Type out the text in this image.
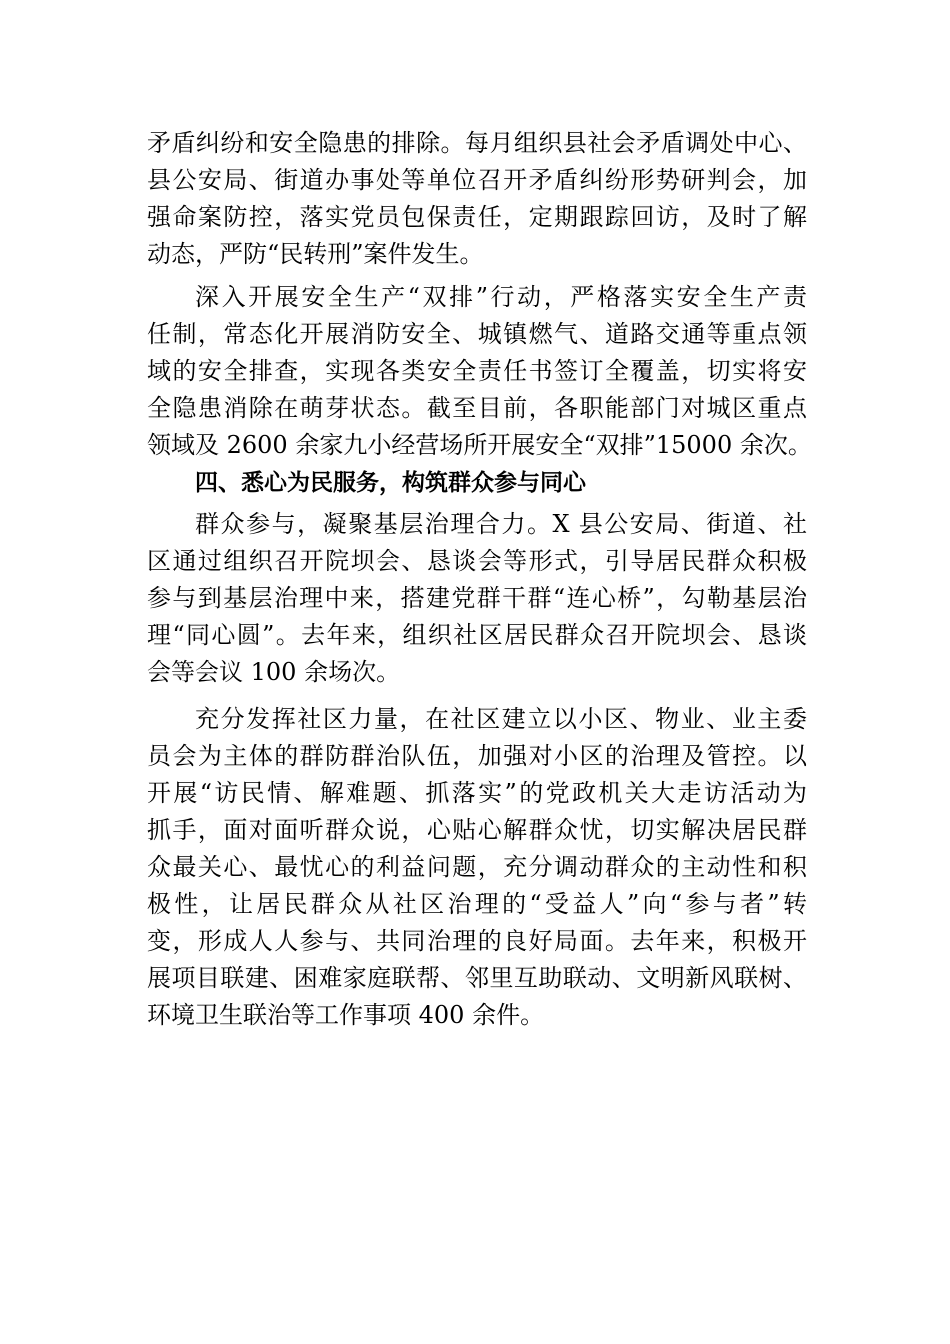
矛盾纠纷和安全隐患的排除。每月组织县社会矛盾调处中心、
县公安局、街道办事处等单位召开矛盾纠纷形势研判会，加
强命案防控，落实党员包保责任，定期跟踪回访，及时了解
动态，严防“民转刑”案件发生。
深入开展安全生产“双排”行动，严格落实安全生产责
任制，常态化开展消防安全、城镇燃气、道路交通等重点领
域的安全排查，实现各类安全责任书签订全覆盖，切实将安
全隐患消除在萌芽状态。截至目前，各职能部门对城区重点
领域及 2600 余家九小经营场所开展安全“双排”15000 余次。
四、悉心为民服务，构筑群众参与同心
群众参与，凝聚基层治理合力。X 县公安局、街道、社
区通过组织召开院坝会、恳谈会等形式，引导居民群众积极
参与到基层治理中来，搭建党群干群“连心桥”，勾勒基层治
理“同心圆”。去年来，组织社区居民群众召开院坝会、恳谈
会等会议 100 余场次。
充分发挥社区力量，在社区建立以小区、物业、业主委
员会为主体的群防群治队伍，加强对小区的治理及管控。以
开展“访民情、解难题、抓落实”的党政机关大走访活动为
抓手，面对面听群众说，心贴心解群众忧，切实解决居民群
众最关心、最忧心的利益问题，充分调动群众的主动性和积
极性，让居民群众从社区治理的“受益人”向“参与者”转
变，形成人人参与、共同治理的良好局面。去年来，积极开
展项目联建、困难家庭联帮、邻里互助联动、文明新风联树、
环境卫生联治等工作事项 400 余件。
